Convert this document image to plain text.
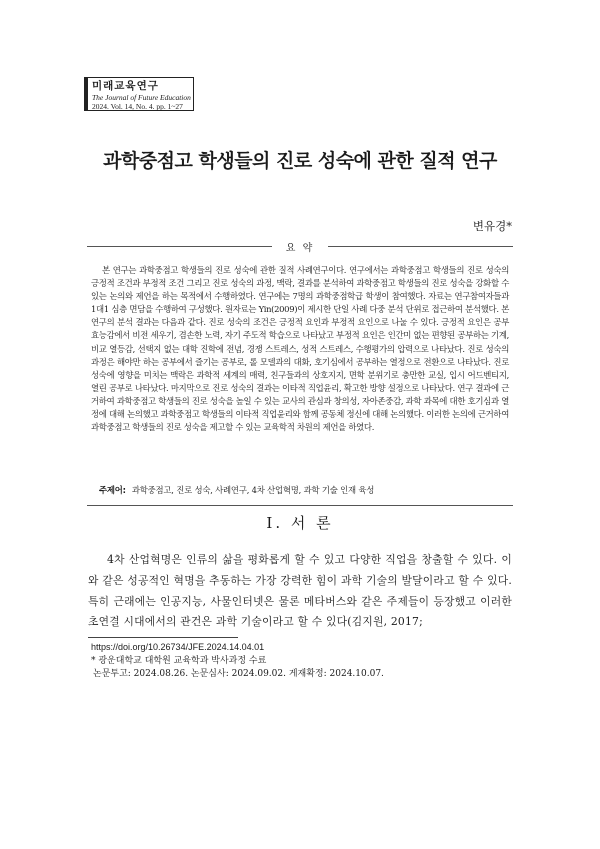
미래교육연구
The Journal of Future Education
2024. Vol. 14, No. 4. pp. 1~27
과학중점고 학생들의 진로 성숙에 관한 질적 연구
변유경*
요 약

본 연구는 과학중점고 학생들의 진로 성숙에 관한 질적 사례연구이다. 연구에서는 과학중점고 학생들의 진로 성숙의 긍정적 조건과 부정적 조건 그리고 진로 성숙의 과정, 맥락, 결과를 분석하여 과학중점고 학생들의 진로 성숙을 강화할 수 있는 논의와 제언을 하는 목적에서 수행하였다. 연구에는 7명의 과학중점학급 학생이 참여했다. 자료는 연구참여자들과 1대1 심층 면담을 수행하여 구성했다. 원자료는 Yin(2009)이 제시한 단일 사례 다중 분석 단위로 접근하여 분석했다. 본 연구의 분석 결과는 다음과 같다. 진로 성숙의 조건은 긍정적 요인과 부정적 요인으로 나눌 수 있다. 긍정적 요인은 공부 효능감에서 비전 세우기, 겸손한 노력, 자기 주도적 학습으로 나타났고 부정적 요인은 인간미 없는 편향된 공부하는 기계, 비교 열등감, 선택지 없는 대학 진학에 전념, 경쟁 스트레스, 성적 스트레스, 수행평가의 압력으로 나타났다. 진로 성숙의 과정은 해야만 하는 공부에서 즐기는 공부로, 롤 모델과의 대화, 호기심에서 공부하는 열정으로 전환으로 나타났다. 진로 성숙에 영향을 미치는 맥락은 과학적 세계의 매력, 친구들과의 상호지지, 면학 분위기로 충만한 교실, 입시 어드벤티지, 열린 공부로 나타났다. 마지막으로 진로 성숙의 결과는 이타적 직업윤리, 확고한 방향 설정으로 나타났다. 연구 결과에 근거하여 과학중점고 학생들의 진로 성숙을 높일 수 있는 교사의 관심과 창의성, 자아존중감, 과학 과목에 대한 호기심과 열정에 대해 논의했고 과학중점고 학생들의 이타적 직업윤리와 함께 공동체 정신에 대해 논의했다. 이러한 논의에 근거하여 과학중점고 학생들의 진로 성숙을 제고할 수 있는 교육학적 차원의 제언을 하였다.

주제어: 과학중점고, 진로 성숙, 사례연구, 4차 산업혁명, 과학 기술 인재 육성
Ⅰ. 서 론

4차 산업혁명은 인류의 삶을 평화롭게 할 수 있고 다양한 직업을 창출할 수 있다. 이와 같은 성공적인 혁명을 추동하는 가장 강력한 힘이 과학 기술의 발달이라고 할 수 있다. 특히 근래에는 인공지능, 사물인터넷은 물론 메타버스와 같은 주제들이 등장했고 이러한 초연결 시대에서의 관건은 과학 기술이라고 할 수 있다(김지원, 2017;

https://doi.org/10.26734/JFE.2024.14.04.01
* 광운대학교 대학원 교육학과 박사과정 수료
논문투고: 2024.08.26. 논문심사: 2024.09.02. 게재확정: 2024.10.07.
